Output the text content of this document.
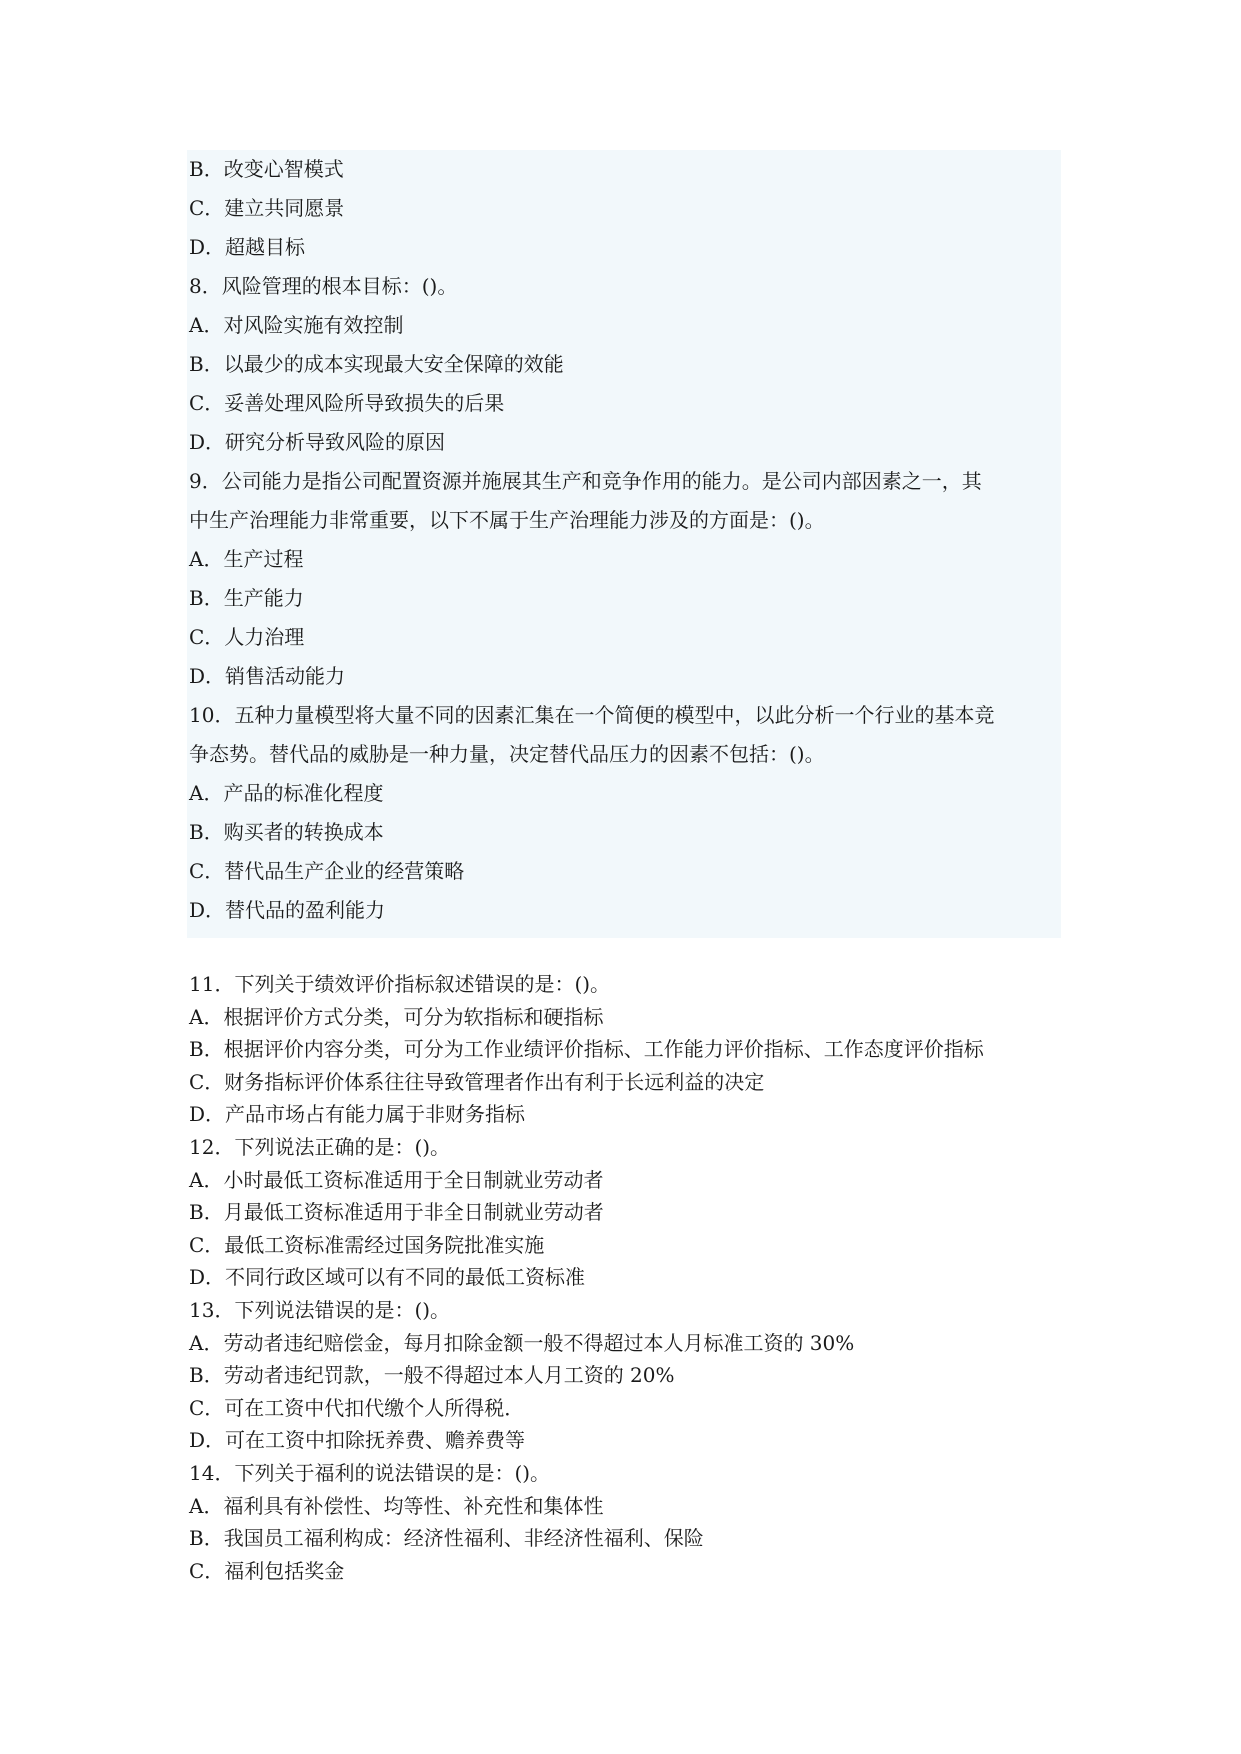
B．改变心智模式
C．建立共同愿景
D．超越目标
8．风险管理的根本目标：()。
A．对风险实施有效控制
B．以最少的成本实现最大安全保障的效能
C．妥善处理风险所导致损失的后果
D．研究分析导致风险的原因
9．公司能力是指公司配置资源并施展其生产和竞争作用的能力。是公司内部因素之一，其
中生产治理能力非常重要，以下不属于生产治理能力涉及的方面是：()。
A．生产过程
B．生产能力
C．人力治理
D．销售活动能力
10．五种力量模型将大量不同的因素汇集在一个简便的模型中，以此分析一个行业的基本竞
争态势。替代品的威胁是一种力量，决定替代品压力的因素不包括：()。
A．产品的标准化程度
B．购买者的转换成本
C．替代品生产企业的经营策略
D．替代品的盈利能力
11．下列关于绩效评价指标叙述错误的是：()。
A．根据评价方式分类，可分为软指标和硬指标
B．根据评价内容分类，可分为工作业绩评价指标、工作能力评价指标、工作态度评价指标
C．财务指标评价体系往往导致管理者作出有利于长远利益的决定
D．产品市场占有能力属于非财务指标
12．下列说法正确的是：()。
A．小时最低工资标准适用于全日制就业劳动者
B．月最低工资标准适用于非全日制就业劳动者
C．最低工资标准需经过国务院批准实施
D．不同行政区域可以有不同的最低工资标准
13．下列说法错误的是：()。
A．劳动者违纪赔偿金，每月扣除金额一般不得超过本人月标准工资的 30%
B．劳动者违纪罚款，一般不得超过本人月工资的 20%
C．可在工资中代扣代缴个人所得税．
D．可在工资中扣除抚养费、赡养费等
14．下列关于福利的说法错误的是：()。
A．福利具有补偿性、均等性、补充性和集体性
B．我国员工福利构成：经济性福利、非经济性福利、保险
C．福利包括奖金
